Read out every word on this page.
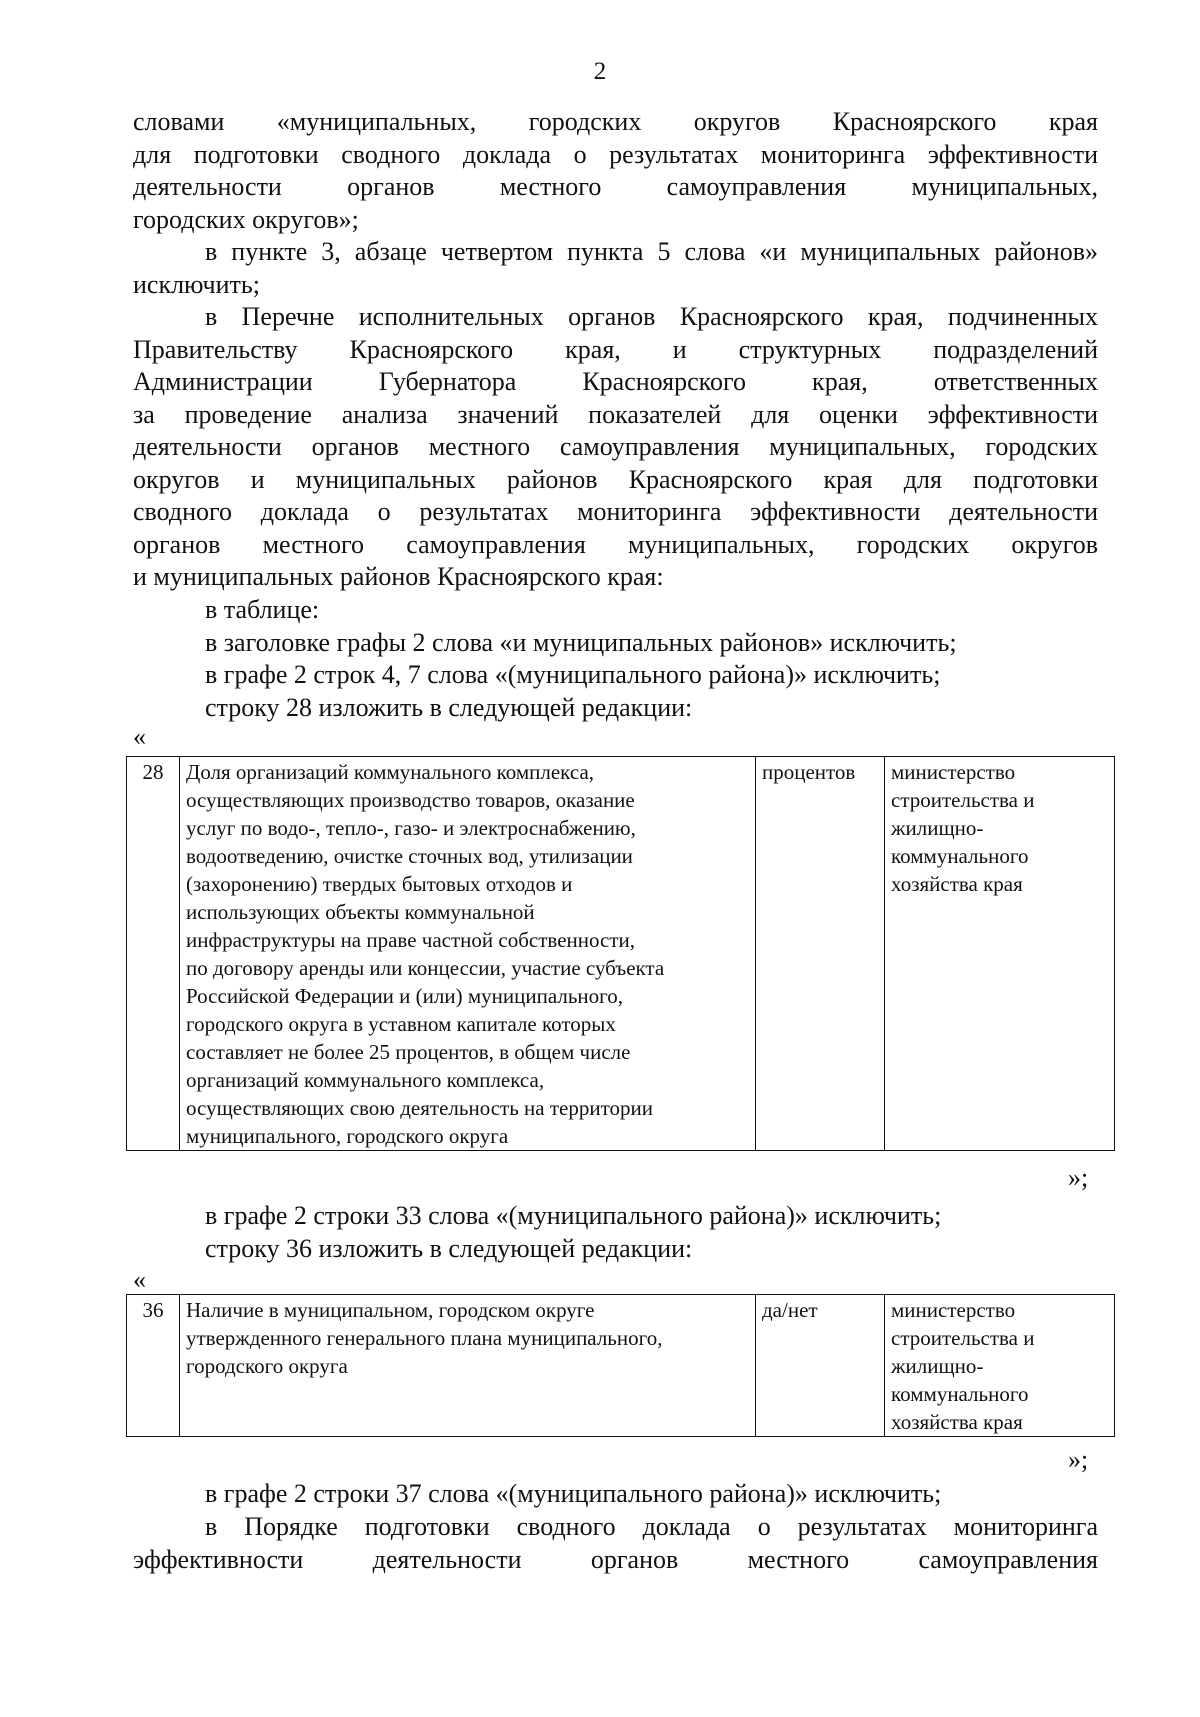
2
словами «муниципальных, городских округов Красноярского края
для подготовки сводного доклада о результатах мониторинга эффективности
деятельности органов местного самоуправления муниципальных,
городских округов»;
в пункте 3, абзаце четвертом пункта 5 слова «и муниципальных районов»
исключить;
в Перечне исполнительных органов Красноярского края, подчиненных
Правительству Красноярского края, и структурных подразделений
Администрации Губернатора Красноярского края, ответственных
за проведение анализа значений показателей для оценки эффективности
деятельности органов местного самоуправления муниципальных, городских
округов и муниципальных районов Красноярского края для подготовки
сводного доклада о результатах мониторинга эффективности деятельности
органов местного самоуправления муниципальных, городских округов
и муниципальных районов Красноярского края:
в таблице:
в заголовке графы 2 слова «и муниципальных районов» исключить;
в графе 2 строк 4, 7 слова «(муниципального района)» исключить;
строку 28 изложить в следующей редакции:
«
28	Доля организаций коммунального комплекса,
осуществляющих производство товаров, оказание
услуг по водо-, тепло-, газо- и электроснабжению,
водоотведению, очистке сточных вод, утилизации
(захоронению) твердых бытовых отходов и
использующих объекты коммунальной
инфраструктуры на праве частной собственности,
по договору аренды или концессии, участие субъекта
Российской Федерации и (или) муниципального,
городского округа в уставном капитале которых
составляет не более 25 процентов, в общем числе
организаций коммунального комплекса,
осуществляющих свою деятельность на территории
муниципального, городского округа
	процентов	министерство
строительства и
жилищно-
коммунального
хозяйства края
»;
в графе 2 строки 33 слова «(муниципального района)» исключить;
строку 36 изложить в следующей редакции:
«
36	Наличие в муниципальном, городском округе
утвержденного генерального плана муниципального,
городского округа
	да/нет	министерство
строительства и
жилищно-
коммунального
хозяйства края
»;
в графе 2 строки 37 слова «(муниципального района)» исключить;
в Порядке подготовки сводного доклада о результатах мониторинга
эффективности деятельности органов местного самоуправления
